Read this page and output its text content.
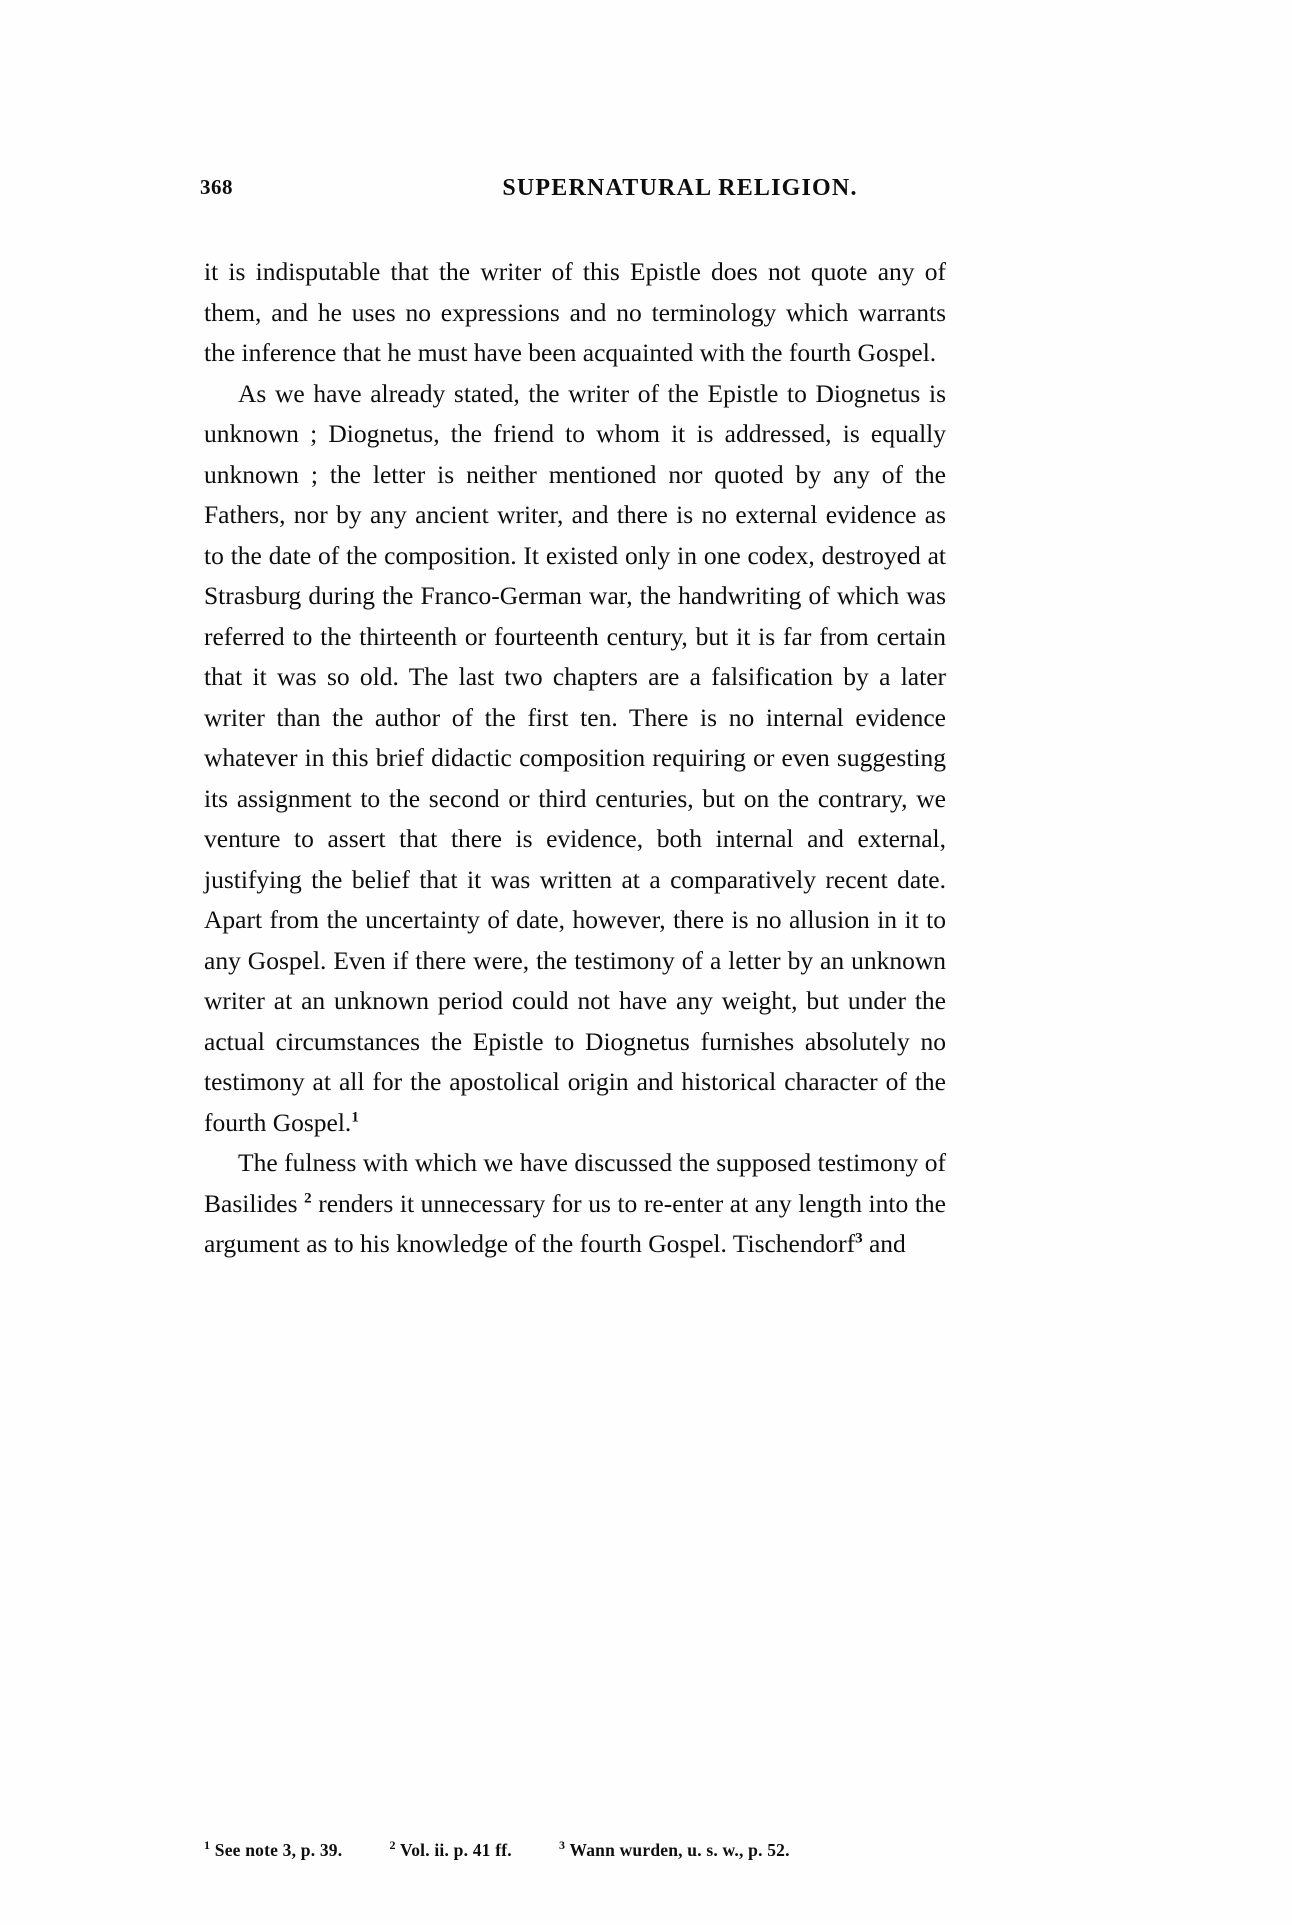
368	SUPERNATURAL RELIGION.

it is indisputable that the writer of this Epistle does not quote any of them, and he uses no expressions and no terminology which warrants the inference that he must have been acquainted with the fourth Gospel.

As we have already stated, the writer of the Epistle to Diognetus is unknown ; Diognetus, the friend to whom it is addressed, is equally unknown ; the letter is neither mentioned nor quoted by any of the Fathers, nor by any ancient writer, and there is no external evidence as to the date of the composition. It existed only in one codex, destroyed at Strasburg during the Franco-German war, the handwriting of which was referred to the thirteenth or fourteenth century, but it is far from certain that it was so old. The last two chapters are a falsification by a later writer than the author of the first ten. There is no internal evidence whatever in this brief didactic composition requiring or even suggesting its assignment to the second or third centuries, but on the contrary, we venture to assert that there is evidence, both internal and external, justifying the belief that it was written at a comparatively recent date. Apart from the uncertainty of date, however, there is no allusion in it to any Gospel. Even if there were, the testimony of a letter by an unknown writer at an unknown period could not have any weight, but under the actual circumstances the Epistle to Diognetus furnishes absolutely no testimony at all for the apostolical origin and historical character of the fourth Gospel.$^1$

The fulness with which we have discussed the supposed testimony of Basilides $^2$ renders it unnecessary for us to re-enter at any length into the argument as to his knowledge of the fourth Gospel. Tischendorf$^3$ and

$^1$ See note 3, p. 39.	$^2$ Vol. ii. p. 41 ff.	$^3$ Wann wurden, u. s. w., p. 52.
